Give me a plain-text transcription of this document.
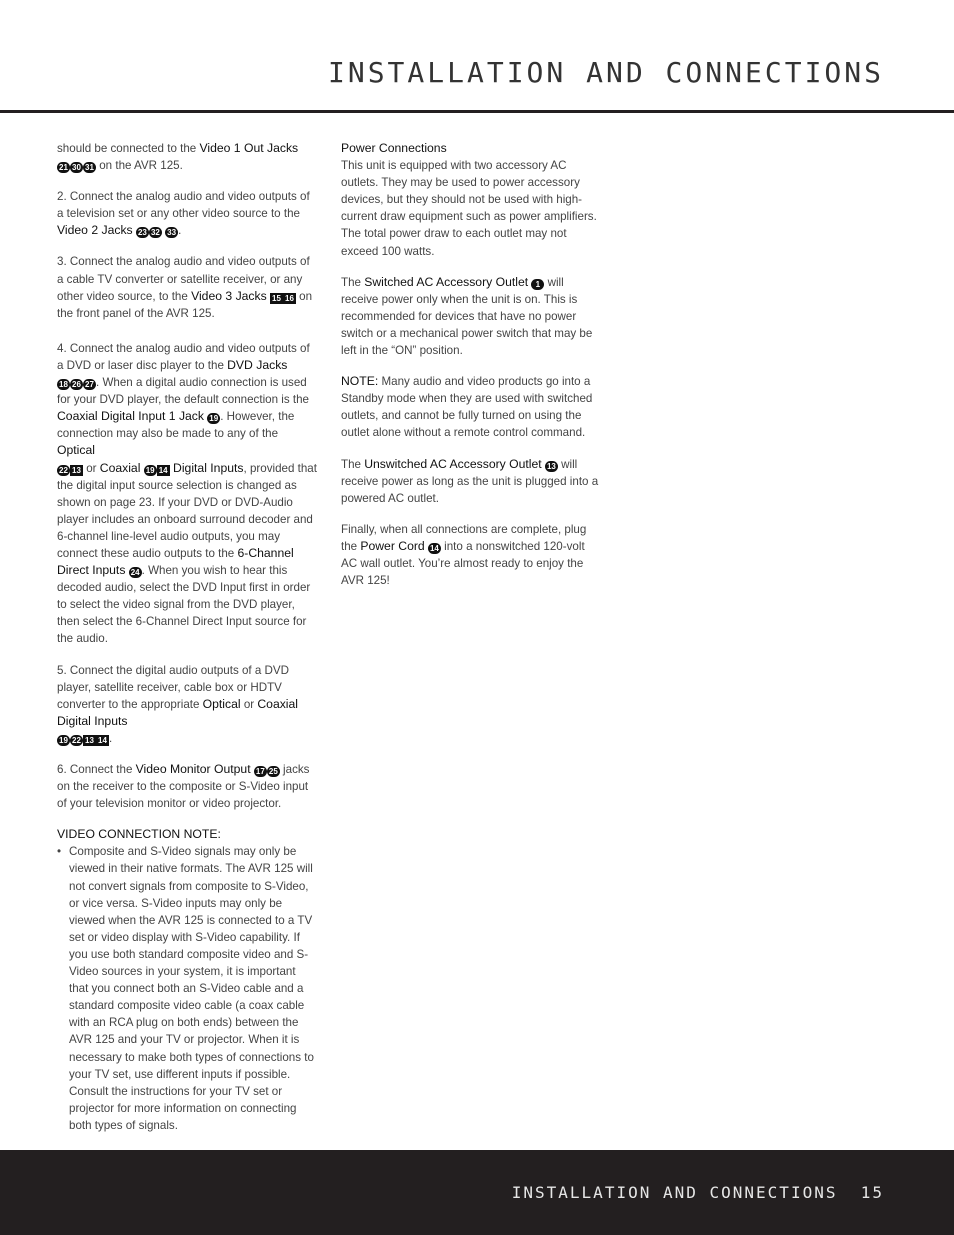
INSTALLATION AND CONNECTIONS

should be connected to the Video 1 Out Jacks
21 30 31 on the AVR 125.

2. Connect the analog audio and video outputs of a television set or any other video source to the Video 2 Jacks 23 32 33 .

3. Connect the analog audio and video outputs of a cable TV converter or satellite receiver, or any other video source, to the Video 3 Jacks 15 16 on the front panel of the AVR 125.

4. Connect the analog audio and video outputs of a DVD or laser disc player to the DVD Jacks
18 26 27 . When a digital audio connection is used for your DVD player, the default connection is the Coaxial Digital Input 1 Jack 19 . However, the connection may also be made to any of the Optical
22 13 or Coaxial 19 14 Digital Inputs, provided that the digital input source selection is changed as shown on page 23. If your DVD or DVD-Audio player includes an onboard surround decoder and 6-channel line-level audio outputs, you may connect these audio outputs to the 6-Channel Direct Inputs 24 . When you wish to hear this decoded audio, select the DVD Input first in order to select the video signal from the DVD player, then select the 6-Channel Direct Input source for the audio.

5. Connect the digital audio outputs of a DVD player, satellite receiver, cable box or HDTV converter to the appropriate Optical or Coaxial Digital Inputs
19 22 13 14 .

6. Connect the Video Monitor Output 17 25 jacks on the receiver to the composite or S-Video input of your television monitor or video projector.

VIDEO CONNECTION NOTE:
• Composite and S-Video signals may only be viewed in their native formats. The AVR 125 will not convert signals from composite to S-Video, or vice versa. S-Video inputs may only be viewed when the AVR 125 is connected to a TV set or video display with S-Video capability. If you use both standard composite video and S-Video sources in your system, it is important that you connect both an S-Video cable and a standard composite video cable (a coax cable with an RCA plug on both ends) between the AVR 125 and your TV or projector. When it is necessary to make both types of connections to your TV set, use different inputs if possible. Consult the instructions for your TV set or projector for more information on connecting both types of signals.
Power Connections

This unit is equipped with two accessory AC outlets. They may be used to power accessory devices, but they should not be used with high-current draw equipment such as power amplifiers. The total power draw to each outlet may not exceed 100 watts.

The Switched AC Accessory Outlet 1 will receive power only when the unit is on. This is recommended for devices that have no power switch or a mechanical power switch that may be left in the “ON” position.

NOTE: Many audio and video products go into a Standby mode when they are used with switched outlets, and cannot be fully turned on using the outlet alone without a remote control command.

The Unswitched AC Accessory Outlet 13 will receive power as long as the unit is plugged into a powered AC outlet.

Finally, when all connections are complete, plug the Power Cord 14 into a nonswitched 120-volt AC wall outlet. You’re almost ready to enjoy the AVR 125!

INSTALLATION AND CONNECTIONS 15
